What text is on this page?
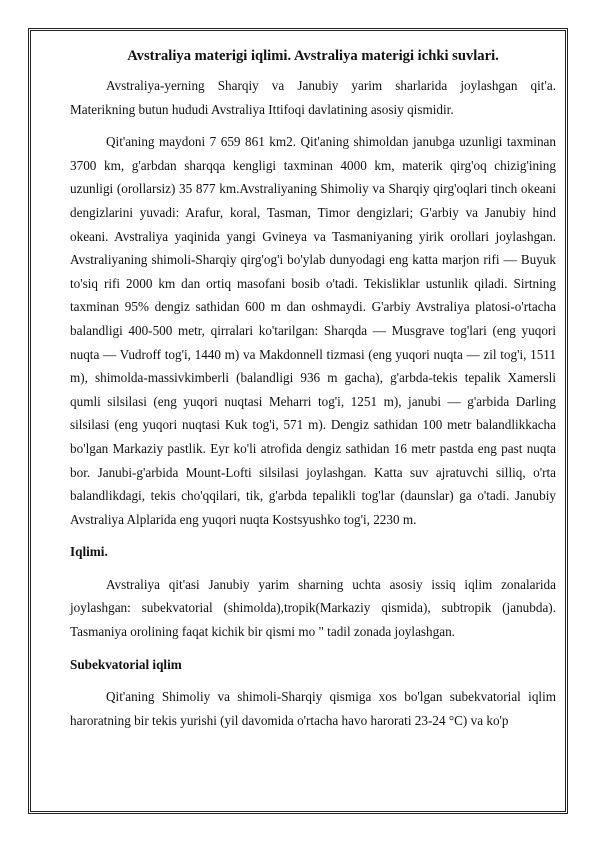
Avstraliya materigi iqlimi. Avstraliya materigi ichki suvlari.

Avstraliya-yerning Sharqiy va Janubiy yarim sharlarida joylashgan qit'a. Materikning butun hududi Avstraliya Ittifoqi davlatining asosiy qismidir.

Qit'aning maydoni 7 659 861 km2. Qit'aning shimoldan janubga uzunligi taxminan 3700 km, g'arbdan sharqqa kengligi taxminan 4000 km, materik qirg'oq chizig'ining uzunligi (orollarsiz) 35 877 km.Avstraliyaning Shimoliy va Sharqiy qirg'oqlari tinch okeani dengizlarini yuvadi: Arafur, koral, Tasman, Timor dengizlari; G'arbiy va Janubiy hind okeani. Avstraliya yaqinida yangi Gvineya va Tasmaniyaning yirik orollari joylashgan. Avstraliyaning shimoli-Sharqiy qirg'og'i bo'ylab dunyodagi eng katta marjon rifi — Buyuk to'siq rifi 2000 km dan ortiq masofani bosib o'tadi. Tekisliklar ustunlik qiladi. Sirtning taxminan 95% dengiz sathidan 600 m dan oshmaydi. G'arbiy Avstraliya platosi-o'rtacha balandligi 400-500 metr, qirralari ko'tarilgan: Sharqda — Musgrave tog'lari (eng yuqori nuqta — Vudroff tog'i, 1440 m) va Makdonnell tizmasi (eng yuqori nuqta — zil tog'i, 1511 m), shimolda-massivkimberli (balandligi 936 m gacha), g'arbda-tekis tepalik Xamersli qumli silsilasi (eng yuqori nuqtasi Meharri tog'i, 1251 m), janubi — g'arbida Darling silsilasi (eng yuqori nuqtasi Kuk tog'i, 571 m). Dengiz sathidan 100 metr balandlikkacha bo'lgan Markaziy pastlik. Eyr ko'li atrofida dengiz sathidan 16 metr pastda eng past nuqta bor. Janubi-g'arbida Mount-Lofti silsilasi joylashgan. Katta suv ajratuvchi silliq, o'rta balandlikdagi, tekis cho'qqilari, tik, g'arbda tepalikli tog'lar (daunslar) ga o'tadi. Janubiy Avstraliya Alplarida eng yuqori nuqta Kostsyushko tog'i, 2230 m.

Iqlimi.

Avstraliya qit'asi Janubiy yarim sharning uchta asosiy issiq iqlim zonalarida joylashgan: subekvatorial (shimolda),tropik(Markaziy qismida), subtropik (janubda). Tasmaniya orolining faqat kichik bir qismi mo " tadil zonada joylashgan.

Subekvatorial iqlim

Qit'aning Shimoliy va shimoli-Sharqiy qismiga xos bo'lgan subekvatorial iqlim haroratning bir tekis yurishi (yil davomida o'rtacha havo harorati 23-24 °C) va ko'p
